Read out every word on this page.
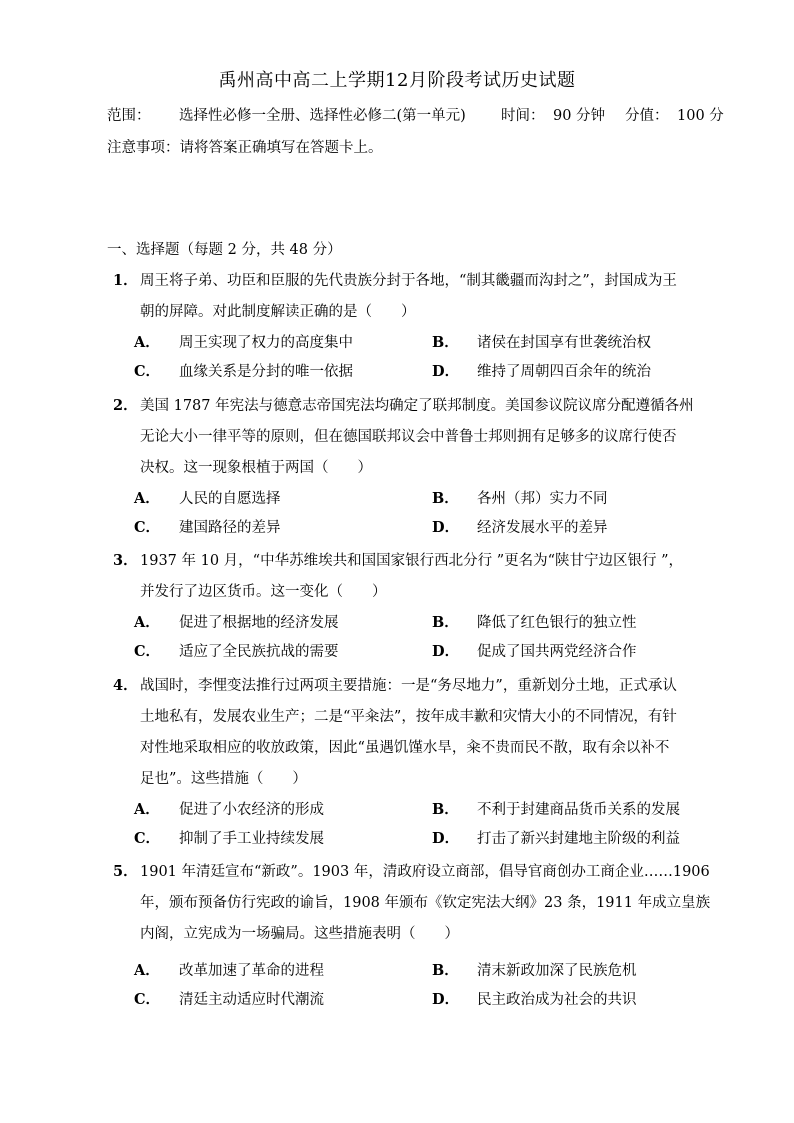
禹州高中高二上学期12月阶段考试历史试题
范围： 选择性必修一全册、选择性必修二(第一单元) 时间： 90 分钟 分值： 100 分
注意事项：请将答案正确填写在答题卡上。
一、选择题（每题 2 分，共 48 分）
1． 周王将子弟、功臣和臣服的先代贵族分封于各地，“制其畿疆而沟封之”，封国成为王
朝的屏障。对此制度解读正确的是（　　）
A． 周王实现了权力的高度集中	B． 诸侯在封国享有世袭统治权
C． 血缘关系是分封的唯一依据	D． 维持了周朝四百余年的统治
2． 美国 1787 年宪法与德意志帝国宪法均确定了联邦制度。美国参议院议席分配遵循各州
无论大小一律平等的原则，但在德国联邦议会中普鲁士邦则拥有足够多的议席行使否
决权。这一现象根植于两国（　　）
A． 人民的自愿选择	B． 各州（邦）实力不同
C． 建国路径的差异	D． 经济发展水平的差异
3． 1937 年 10 月，“中华苏维埃共和国国家银行西北分行 ”更名为“陕甘宁边区银行 ”，
并发行了边区货币。这一变化（　　）
A． 促进了根据地的经济发展	B． 降低了红色银行的独立性
C． 适应了全民族抗战的需要	D． 促成了国共两党经济合作
4． 战国时，李悝变法推行过两项主要措施：一是“务尽地力”，重新划分土地，正式承认
土地私有，发展农业生产；二是“平籴法”，按年成丰歉和灾情大小的不同情况，有针
对性地采取相应的收放政策，因此“虽遇饥馑水旱，籴不贵而民不散，取有余以补不
足也”。这些措施（　　）
A． 促进了小农经济的形成	B． 不利于封建商品货币关系的发展
C． 抑制了手工业持续发展	D． 打击了新兴封建地主阶级的利益
5． 1901 年清廷宣布“新政”。1903 年，清政府设立商部，倡导官商创办工商企业……1906
年，颁布预备仿行宪政的谕旨，1908 年颁布《钦定宪法大纲》23 条，1911 年成立皇族
内阁，立宪成为一场骗局。这些措施表明（　　）
A． 改革加速了革命的进程	B． 清末新政加深了民族危机
C． 清廷主动适应时代潮流	D． 民主政治成为社会的共识
